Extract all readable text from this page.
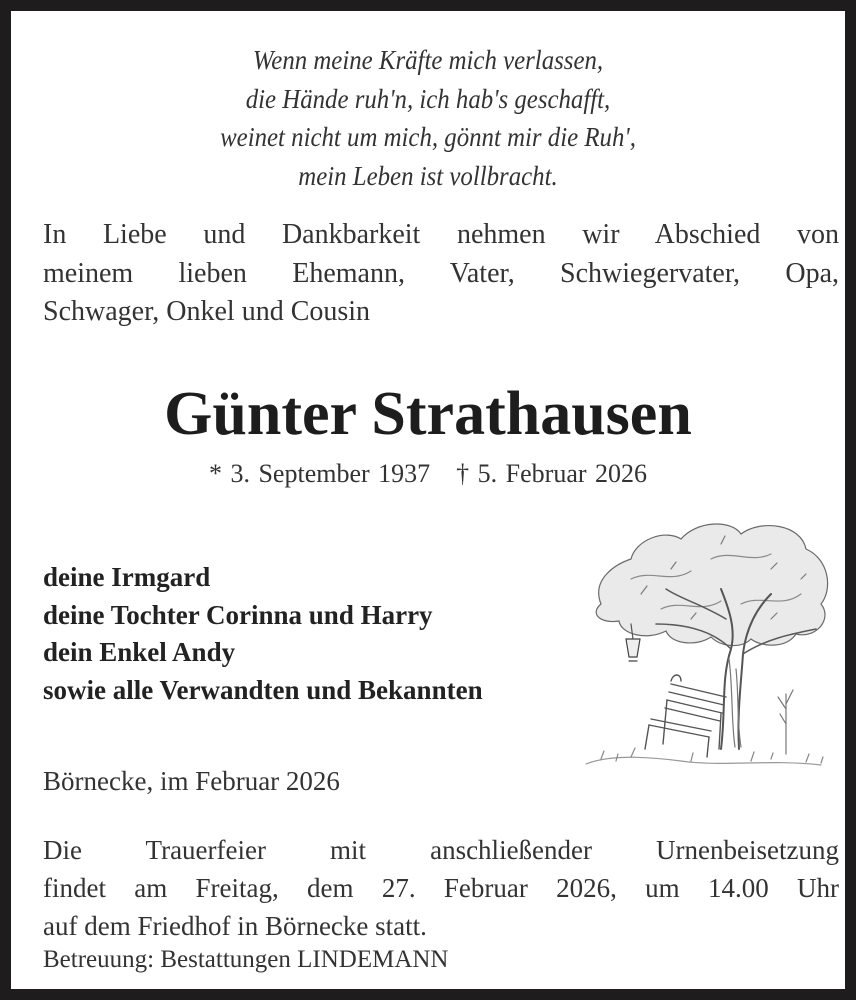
Wenn meine Kräfte mich verlassen,
die Hände ruh'n, ich hab's geschafft,
weinet nicht um mich, gönnt mir die Ruh',
mein Leben ist vollbracht.
In Liebe und Dankbarkeit nehmen wir Abschied von
meinem lieben Ehemann, Vater, Schwiegervater, Opa,
Schwager, Onkel und Cousin
Günter Strathausen
* 3. September 1937 † 5. Februar 2026
deine Irmgard
deine Tochter Corinna und Harry
dein Enkel Andy
sowie alle Verwandten und Bekannten
Börnecke, im Februar 2026
Die Trauerfeier mit anschließender Urnenbeisetzung
findet am Freitag, dem 27. Februar 2026, um 14.00 Uhr
auf dem Friedhof in Börnecke statt.
Betreuung: Bestattungen LINDEMANN
